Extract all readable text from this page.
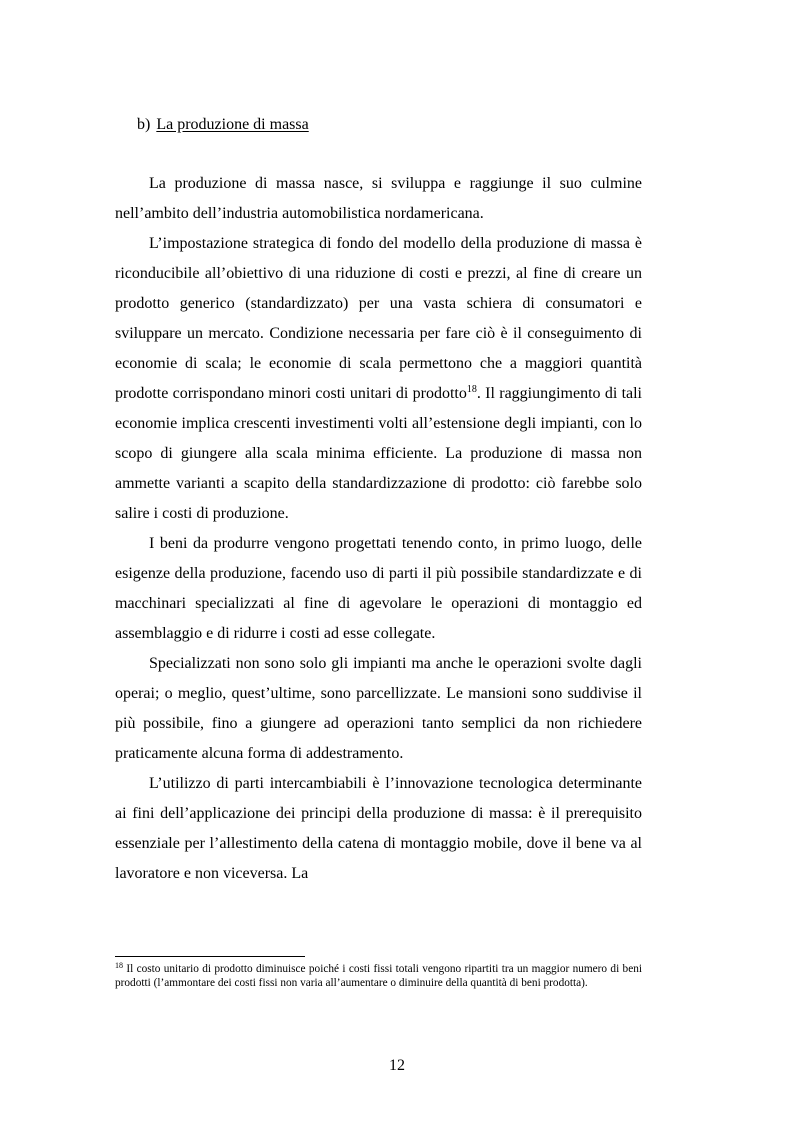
b) La produzione di massa

La produzione di massa nasce, si sviluppa e raggiunge il suo culmine nell’ambito dell’industria automobilistica nordamericana.

L’impostazione strategica di fondo del modello della produzione di massa è riconducibile all’obiettivo di una riduzione di costi e prezzi, al fine di creare un prodotto generico (standardizzato) per una vasta schiera di consumatori e sviluppare un mercato. Condizione necessaria per fare ciò è il conseguimento di economie di scala; le economie di scala permettono che a maggiori quantità prodotte corrispondano minori costi unitari di prodotto$^{18}$. Il raggiungimento di tali economie implica crescenti investimenti volti all’estensione degli impianti, con lo scopo di giungere alla scala minima efficiente. La produzione di massa non ammette varianti a scapito della standardizzazione di prodotto: ciò farebbe solo salire i costi di produzione.

I beni da produrre vengono progettati tenendo conto, in primo luogo, delle esigenze della produzione, facendo uso di parti il più possibile standardizzate e di macchinari specializzati al fine di agevolare le operazioni di montaggio ed assemblaggio e di ridurre i costi ad esse collegate.

Specializzati non sono solo gli impianti ma anche le operazioni svolte dagli operai; o meglio, quest’ultime, sono parcellizzate. Le mansioni sono suddivise il più possibile, fino a giungere ad operazioni tanto semplici da non richiedere praticamente alcuna forma di addestramento.

L’utilizzo di parti intercambiabili è l’innovazione tecnologica determinante ai fini dell’applicazione dei principi della produzione di massa: è il prerequisito essenziale per l’allestimento della catena di montaggio mobile, dove il bene va al lavoratore e non viceversa. La

$^{18}$ Il costo unitario di prodotto diminuisce poiché i costi fissi totali vengono ripartiti tra un maggior numero di beni prodotti (l’ammontare dei costi fissi non varia all’aumentare o diminuire della quantità di beni prodotta).

12
